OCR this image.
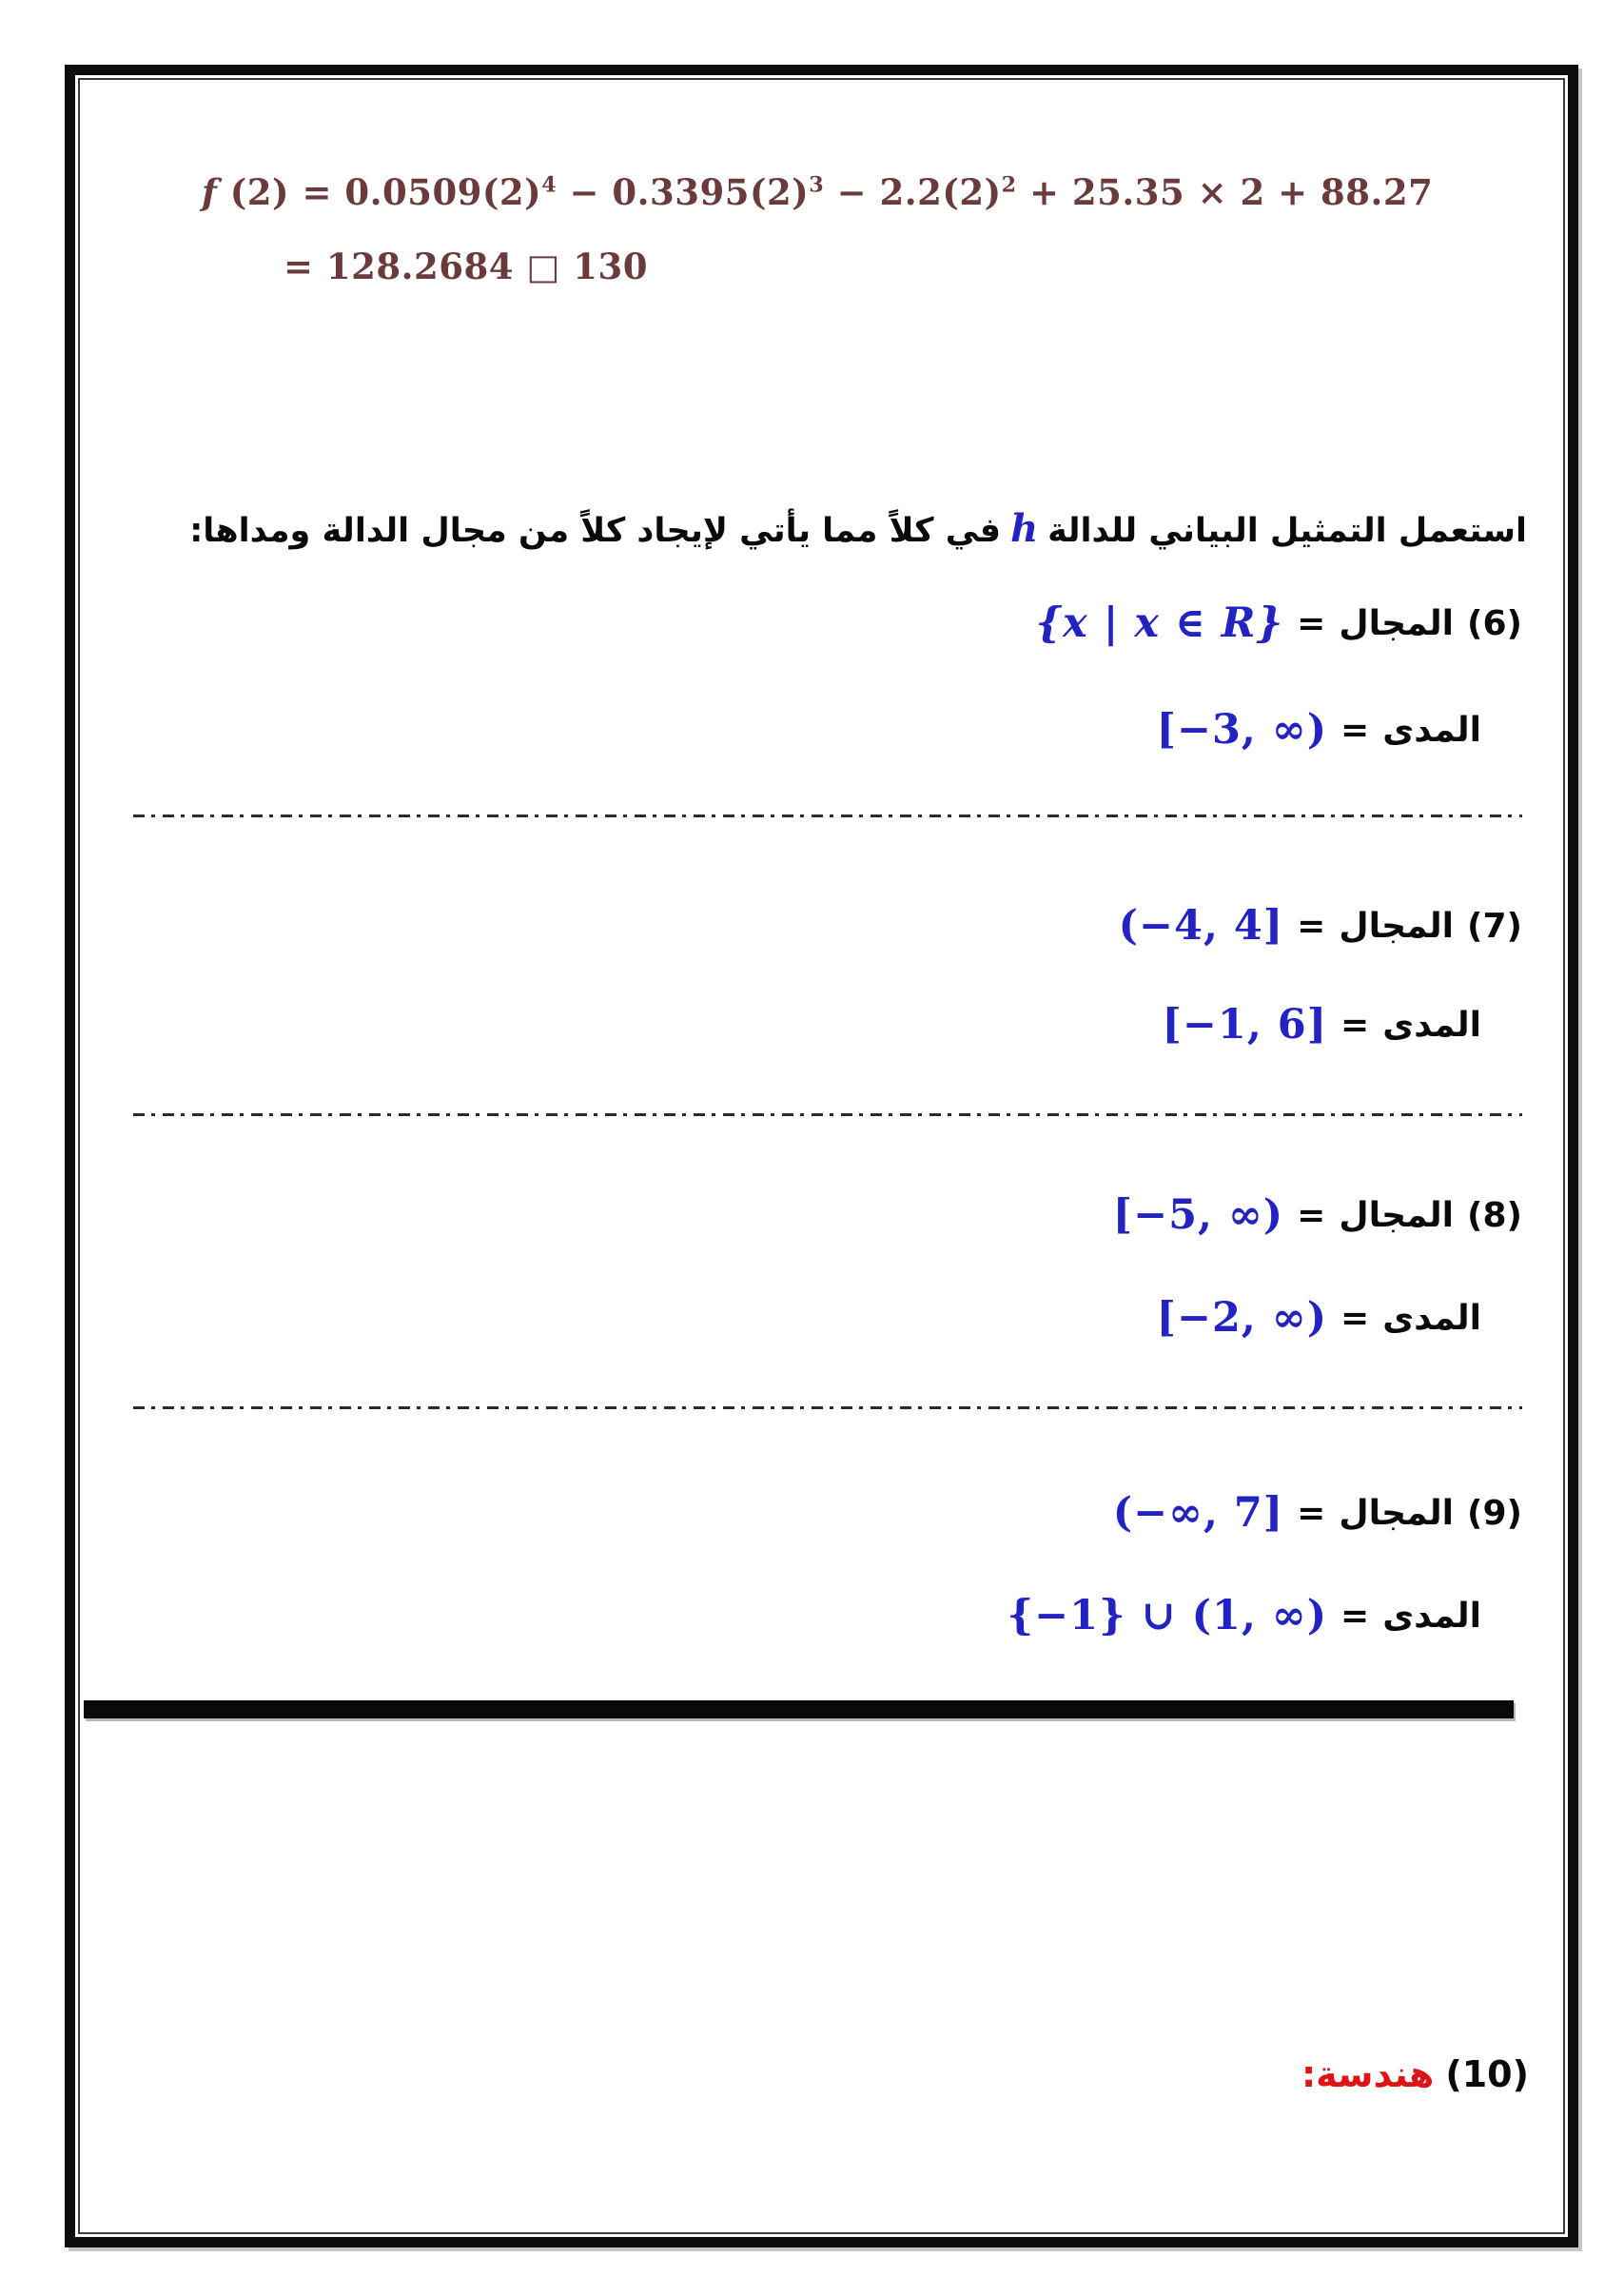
f $(2) = 0.0509(2)^4 - 0.3395(2)^3 - 2.2(2)^2 + 25.35 \times 2 + 88.27$
= 128.2684 □ 130
استعمل التمثيل البياني للدالةhفي كلاً مما يأتي لإيجاد كلاً من مجال الدالة ومداها:
(6)
المجال
=
{x | x ∈ R}
المدى
=
[−3, ∞)
(7)
المجال
=
(−4, 4]
المدى
=
[−1, 6]
(8)
المجال
=
[−5, ∞)
المدى
=
[−2, ∞)
(9)
المجال
=
(−∞, 7]
المدى
=
{−1} ∪ (1, ∞)
(10)
هندسة:
